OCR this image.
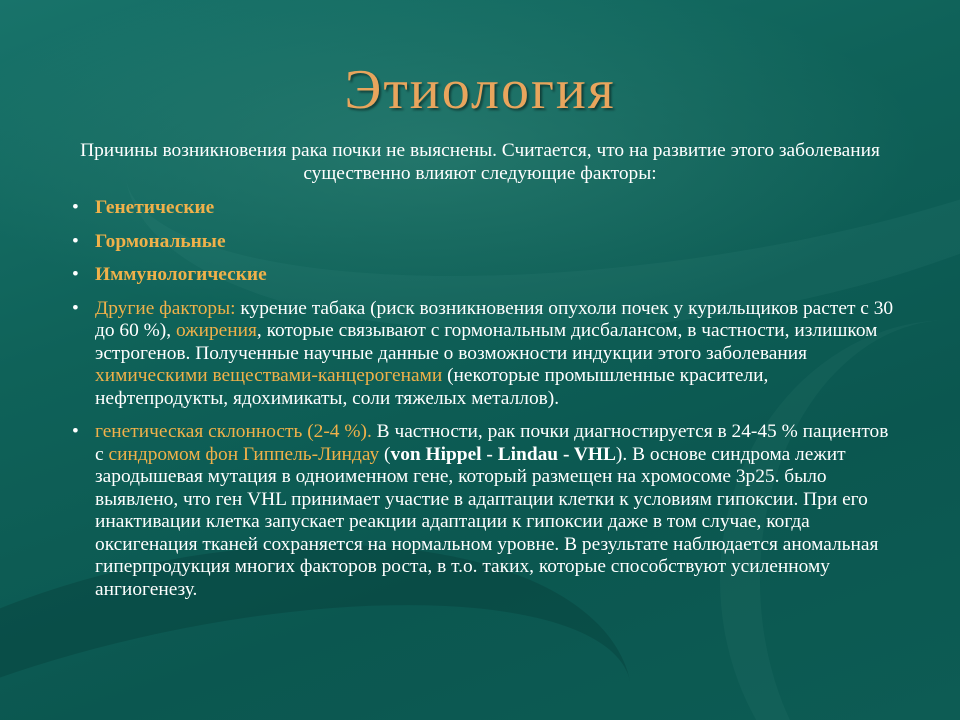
Этиология

Причины возникновения рака почки не выяснены. Считается, что на развитие этого заболевания существенно влияют следующие факторы:

• Генетические
• Гормональные
• Иммунологические
• Другие факторы: курение табака (риск возникновения опухоли почек у курильщиков растет с 30 до 60 %), ожирения, которые связывают с гормональным дисбалансом, в частности, излишком эстрогенов. Полученные научные данные о возможности индукции этого заболевания химическими веществами-канцерогенами (некоторые промышленные красители, нефтепродукты, ядохимикаты, соли тяжелых металлов).
• генетическая склонность (2-4 %). В частности, рак почки диагностируется в 24-45 % пациентов с синдромом фон Гиппель-Линдау (von Hippel - Lindau - VHL). В основе синдрома лежит зародышевая мутация в одноименном гене, который размещен на хромосоме 3р25. было выявлено, что ген VHL принимает участие в адаптации клетки к условиям гипоксии. При его инактивации клетка запускает реакции адаптации к гипоксии даже в том случае, когда оксигенация тканей сохраняется на нормальном уровне. В результате наблюдается аномальная гиперпродукция многих факторов роста, в т.о. таких, которые способствуют усиленному ангиогенезу.
